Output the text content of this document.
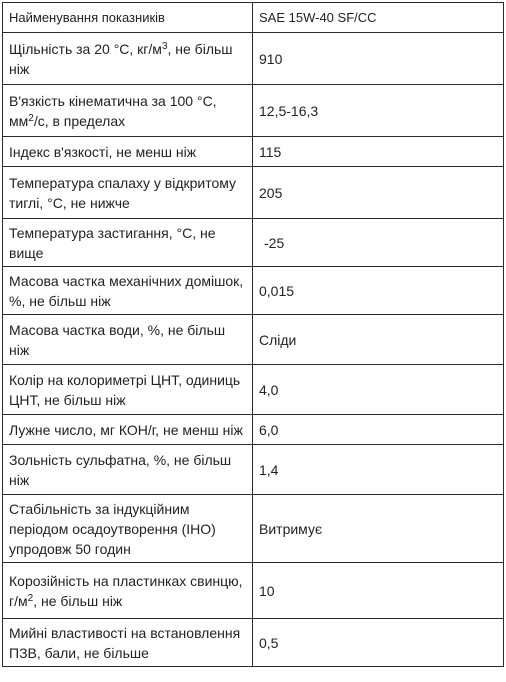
Найменування показників	SAE 15W-40 SF/CC
Щільність за 20 °С, $кг/м^3$, не більш ніж	910
В'язкість кінематична за 100 °С, $мм^2/с$, в пределах	12,5-16,3
Індекс в'язкості, не менш ніж	115
Температура спалаху у відкритому тиглі, °С, не нижче	205
Температура застигання, °С, не вище	-25
Масова частка механічних домішок, %, не більш ніж	0,015
Масова частка води, %, не більш ніж	Сліди
Колір на колориметрі ЦНТ, одиниць ЦНТ, не більш ніж	4,0
Лужне число, мг КОН/г, не менш ніж	6,0
Зольність сульфатна, %, не більш ніж	1,4
Стабільність за індукційним періодом осадоутворення (ІНО) упродовж 50 годин	Витримує
Корозійність на пластинках свинцю, $г/м^2$, не більш ніж	10
Мийні властивості на встановлення ПЗВ, бали, не більше	0,5
